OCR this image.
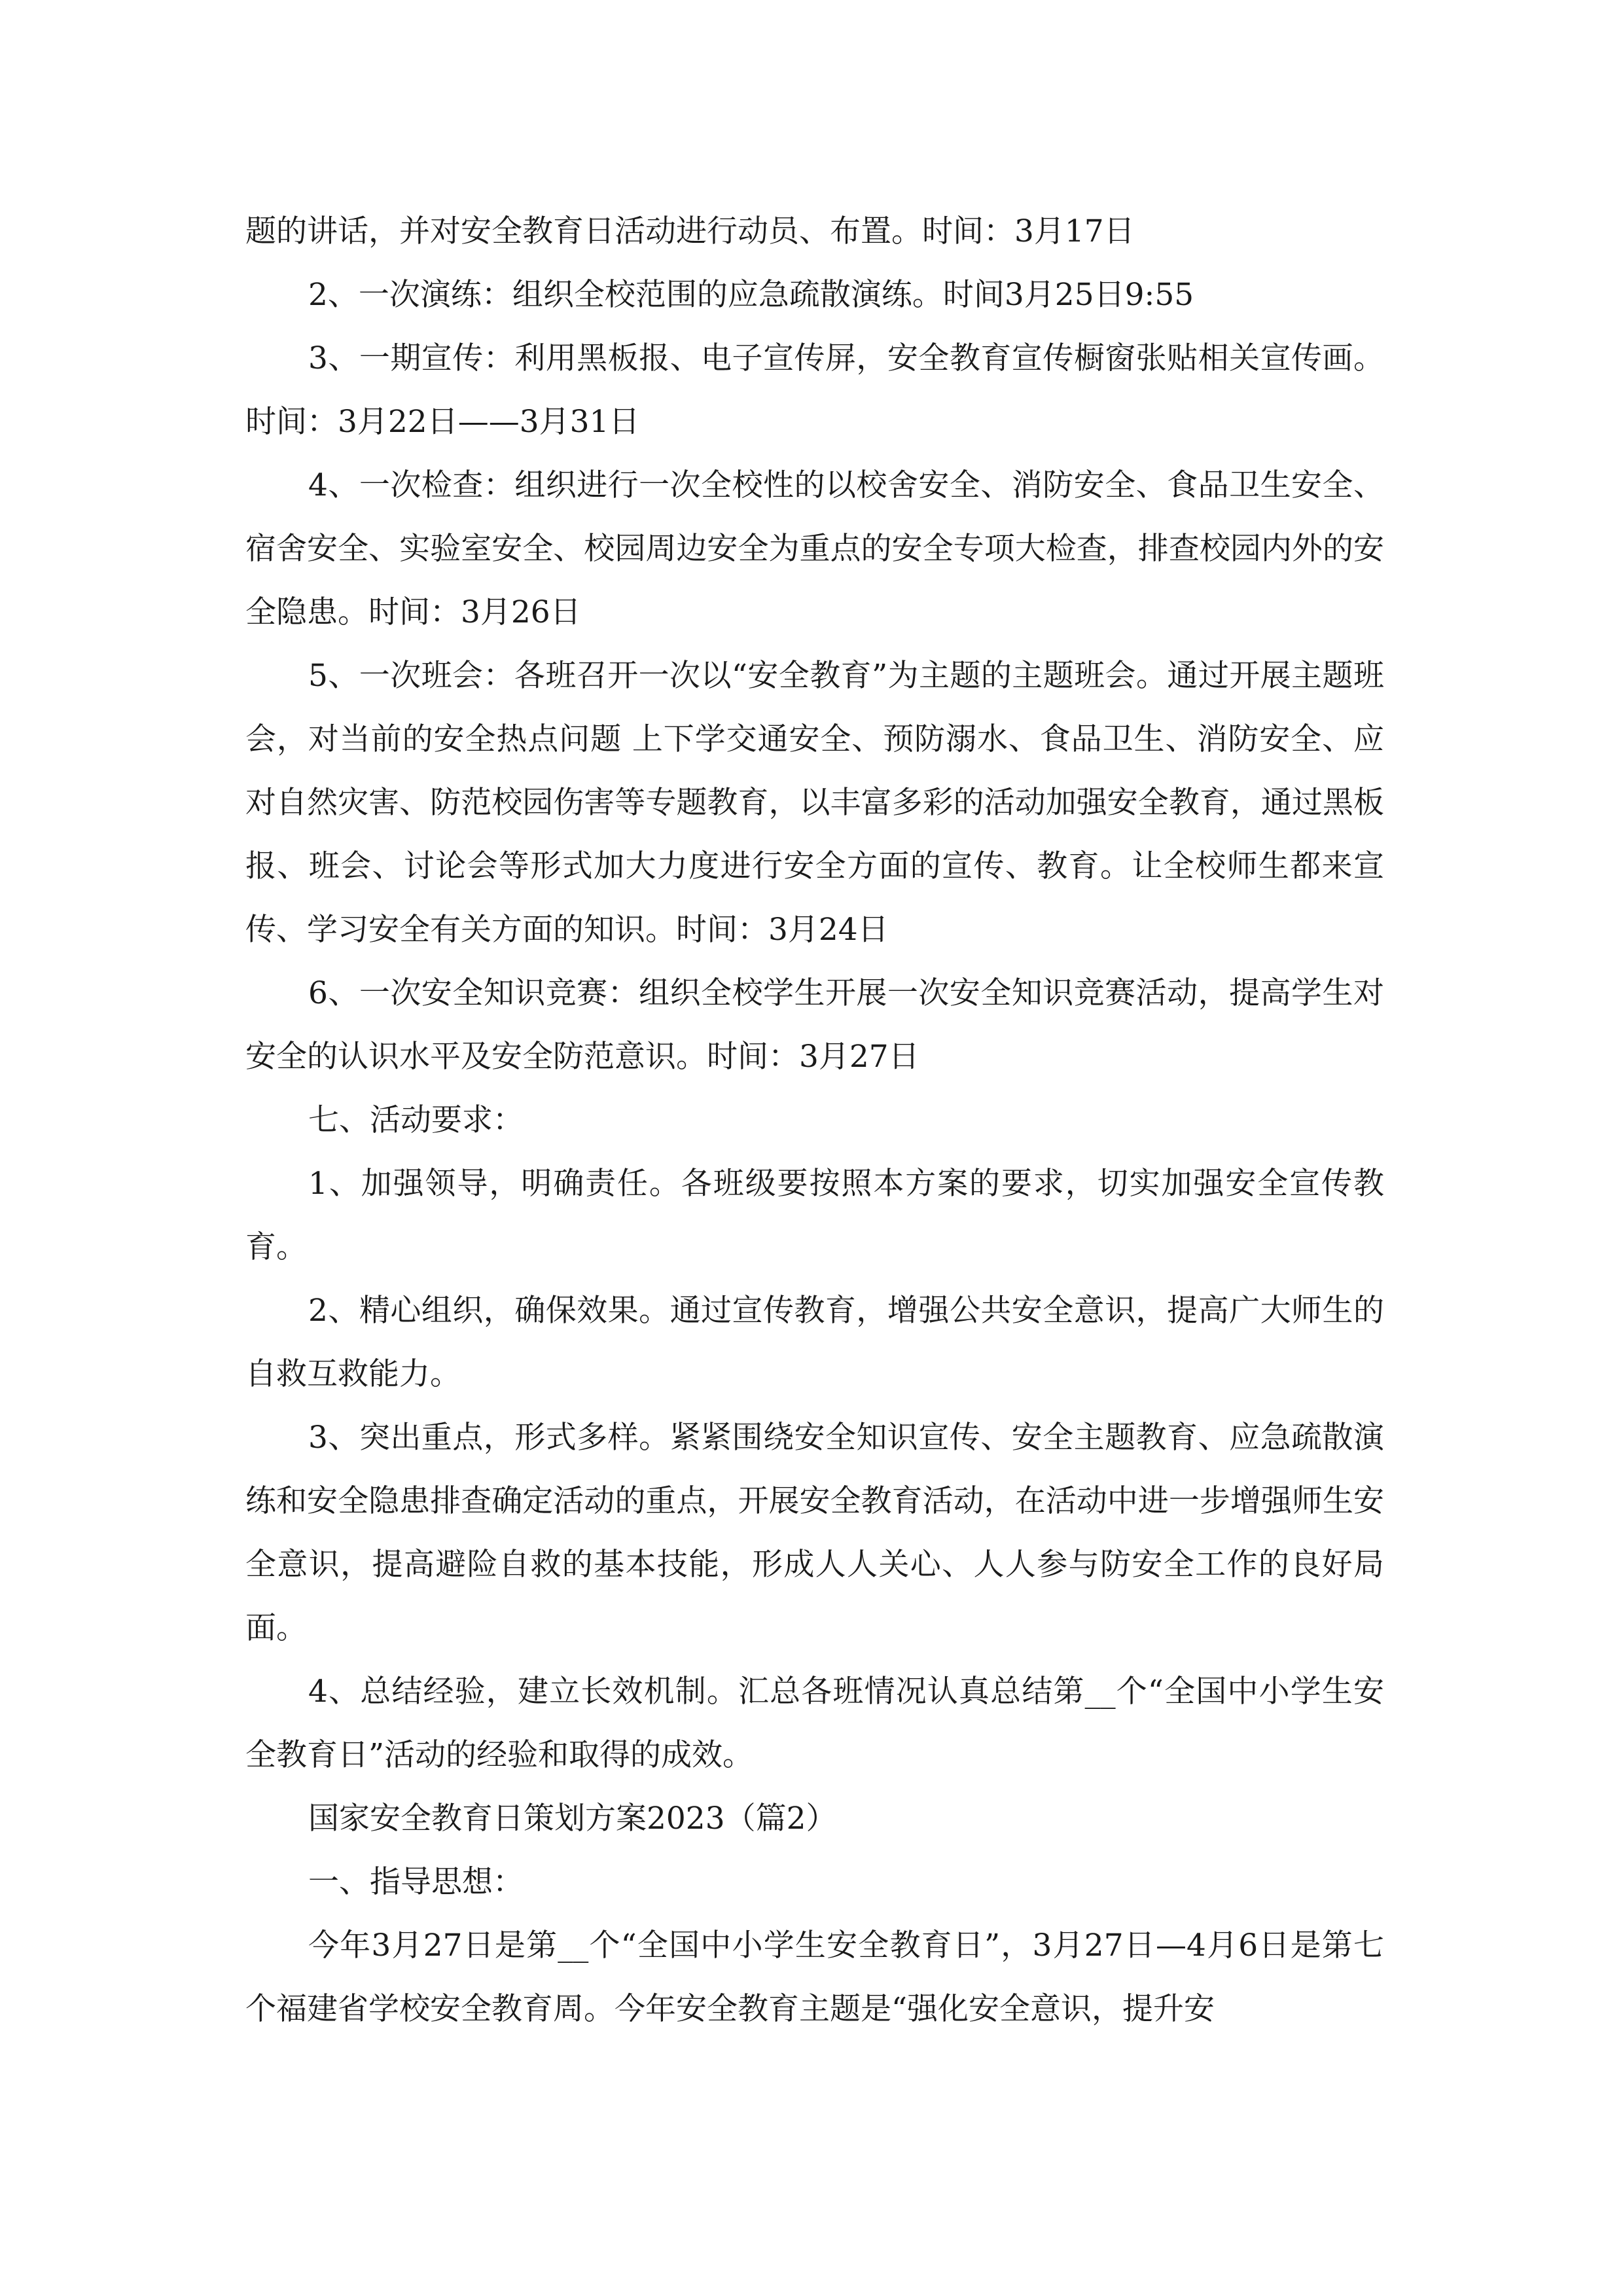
题的讲话，并对安全教育日活动进行动员、布置。时间：3月17日

2、一次演练：组织全校范围的应急疏散演练。时间3月25日9:55

3、一期宣传：利用黑板报、电子宣传屏，安全教育宣传橱窗张贴相关宣传画。时间：3月22日——3月31日

4、一次检查：组织进行一次全校性的以校舍安全、消防安全、食品卫生安全、宿舍安全、实验室安全、校园周边安全为重点的安全专项大检查，排查校园内外的安全隐患。时间：3月26日

5、一次班会：各班召开一次以“安全教育”为主题的主题班会。通过开展主题班会，对当前的安全热点问题 上下学交通安全、预防溺水、食品卫生、消防安全、应对自然灾害、防范校园伤害等专题教育，以丰富多彩的活动加强安全教育，通过黑板报、班会、讨论会等形式加大力度进行安全方面的宣传、教育。让全校师生都来宣传、学习安全有关方面的知识。时间：3月24日

6、一次安全知识竞赛：组织全校学生开展一次安全知识竞赛活动，提高学生对安全的认识水平及安全防范意识。时间：3月27日

七、活动要求：

1、加强领导，明确责任。各班级要按照本方案的要求，切实加强安全宣传教育。

2、精心组织，确保效果。通过宣传教育，增强公共安全意识，提高广大师生的自救互救能力。

3、突出重点，形式多样。紧紧围绕安全知识宣传、安全主题教育、应急疏散演练和安全隐患排查确定活动的重点，开展安全教育活动，在活动中进一步增强师生安全意识，提高避险自救的基本技能，形成人人关心、人人参与防安全工作的良好局面。

4、总结经验，建立长效机制。汇总各班情况认真总结第__个“全国中小学生安全教育日”活动的经验和取得的成效。

国家安全教育日策划方案2023（篇2）

一、指导思想：

今年3月27日是第__个“全国中小学生安全教育日”，3月27日—4月6日是第七个福建省学校安全教育周。今年安全教育主题是“强化安全意识，提升安
